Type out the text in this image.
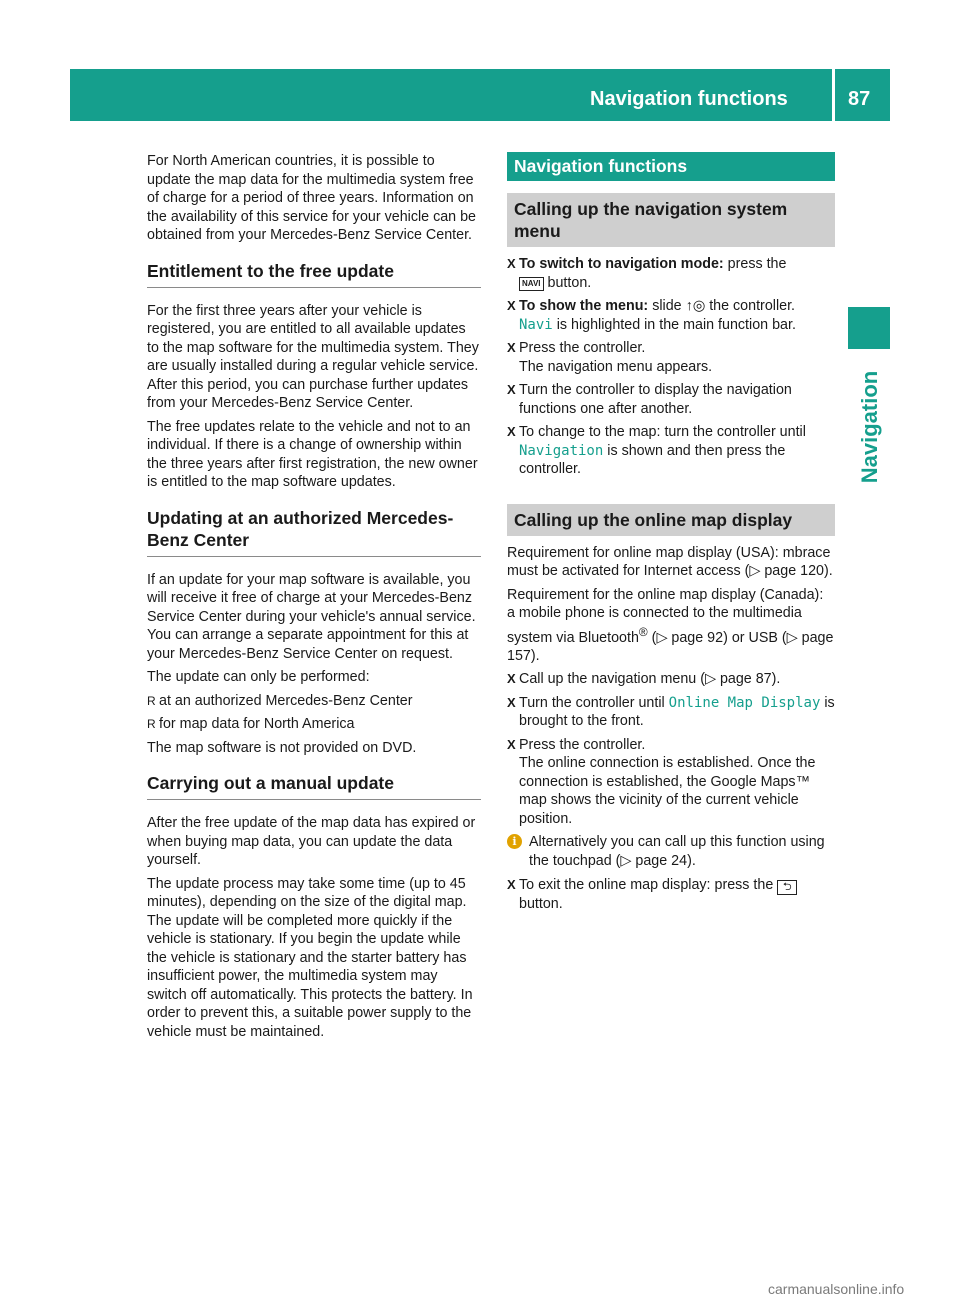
Navigation functions	87
Navigation

For North American countries, it is possible to update the map data for the multimedia system free of charge for a period of three years. Information on the availability of this service for your vehicle can be obtained from your Mercedes-Benz Service Center.

Entitlement to the free update

For the first three years after your vehicle is registered, you are entitled to all available updates to the map software for the multimedia system. They are usually installed during a regular vehicle service. After this period, you can purchase further updates from your Mercedes-Benz Service Center.

The free updates relate to the vehicle and not to an individual. If there is a change of ownership within the three years after first registration, the new owner is entitled to the map software updates.

Updating at an authorized Mercedes-Benz Center

If an update for your map software is available, you will receive it free of charge at your Mercedes-Benz Service Center during your vehicle's annual service. You can arrange a separate appointment for this at your Mercedes-Benz Service Center on request.

The update can only be performed:

R at an authorized Mercedes-Benz Center
R for map data for North America

The map software is not provided on DVD.

Carrying out a manual update

After the free update of the map data has expired or when buying map data, you can update the data yourself.

The update process may take some time (up to 45 minutes), depending on the size of the digital map. The update will be completed more quickly if the vehicle is stationary. If you begin the update while the vehicle is stationary and the starter battery has insufficient power, the multimedia system may switch off automatically. This protects the battery. In order to prevent this, a suitable power supply to the vehicle must be maintained.

Navigation functions
Calling up the navigation system menu
X To switch to navigation mode: press the
NAVI button.
X To show the menu: slide ↑◎ the controller.
Navi is highlighted in the main function bar.
X Press the controller.
The navigation menu appears.
X Turn the controller to display the navigation functions one after another.
X To change to the map: turn the controller until
Navigation is shown and then press the controller.
Calling up the online map display

Requirement for online map display (USA): mbrace must be activated for Internet access (▷ page 120).

Requirement for the online map display (Canada): a mobile phone is connected to the multimedia system via Bluetooth® (▷ page 92) or USB (▷ page 157).

X Call up the navigation menu (▷ page 87).
X Turn the controller until Online Map Display is brought to the front.
X Press the controller.
The online connection is established. Once the connection is established, the Google Maps™ map shows the vicinity of the current vehicle position.
i Alternatively you can call up this function using the touchpad (▷ page 24).
X To exit the online map display: press the ⮌
button.
carmanualsonline.info
